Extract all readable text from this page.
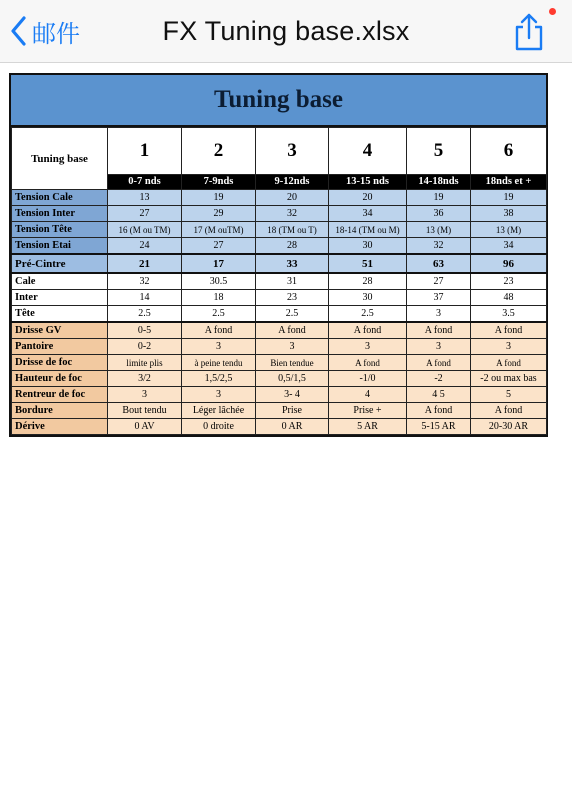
邮件	FX Tuning base.xlsx
Tuning base
Tuning base	1	2	3	4	5	6
	0-7 nds	7-9nds	9-12nds	13-15 nds	14-18nds	18nds et +
Tension Cale	13	19	20	20	19	19
Tension Inter	27	29	32	34	36	38
Tension Tête	16 (M ou TM)	17 (M ouTM)	18 (TM ou T)	18-14 (TM ou M)	13 (M)	13 (M)
Tension Etai	24	27	28	30	32	34
Pré-Cintre	21	17	33	51	63	96
Cale	32	30.5	31	28	27	23
Inter	14	18	23	30	37	48
Tête	2.5	2.5	2.5	2.5	3	3.5
Drisse GV	0-5	A fond	A fond	A fond	A fond	A fond
Pantoire	0-2	3	3	3	3	3
Drisse de foc	limite plis	à peine tendu	Bien tendue	A fond	A fond	A fond
Hauteur de foc	3/2	1,5/2,5	0,5/1,5	-1/0	-2	-2 ou max bas
Rentreur de foc	3	3	3- 4	4	4 5	5
Bordure	Bout tendu	Léger lâchée	Prise	Prise +	A fond	A fond
Dérive	0 AV	0 droite	0 AR	5 AR	5-15 AR	20-30 AR
